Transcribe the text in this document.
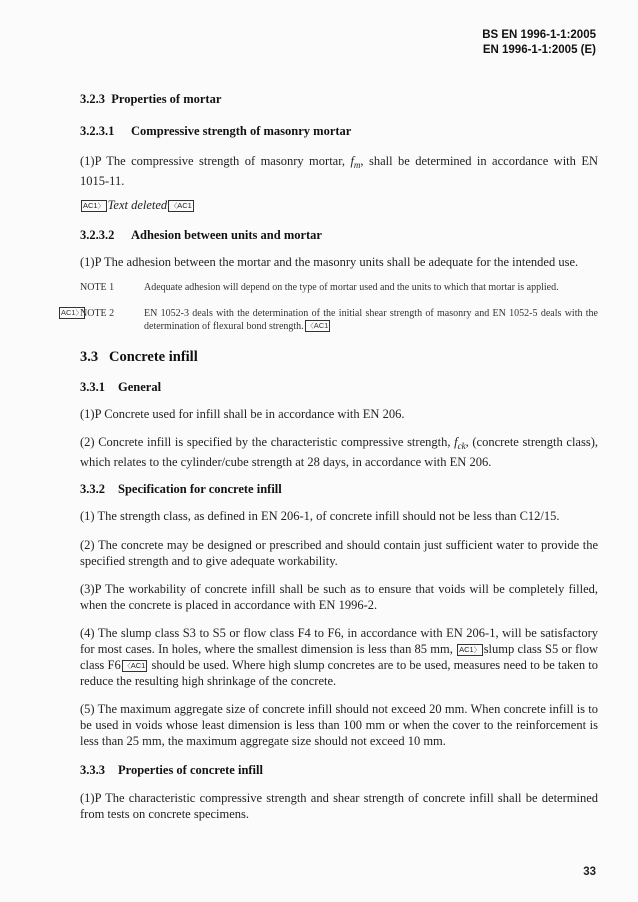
BS EN 1996-1-1:2005
EN 1996-1-1:2005 (E)

3.2.3 Properties of mortar

3.2.3.1 Compressive strength of masonry mortar

(1)P The compressive strength of masonry mortar, $f_m$, shall be determined in accordance with EN 1015-11.

AC1 〉 Text deleted 〈 AC1

3.2.3.2 Adhesion between units and mortar

(1)P The adhesion between the mortar and the masonry units shall be adequate for the intended use.

NOTE 1	Adequate adhesion will depend on the type of mortar used and the units to which that mortar is applied.
AC1 〉 NOTE 2	EN 1052-3 deals with the determination of the initial shear strength of masonry and EN 1052-5 deals with the determination of flexural bond strength. 〈 AC1

3.3 Concrete infill

3.3.1 General

(1)P Concrete used for infill shall be in accordance with EN 206.

(2) Concrete infill is specified by the characteristic compressive strength, $f_{ck}$, (concrete strength class), which relates to the cylinder/cube strength at 28 days, in accordance with EN 206.

3.3.2 Specification for concrete infill

(1) The strength class, as defined in EN 206-1, of concrete infill should not be less than C12/15.

(2) The concrete may be designed or prescribed and should contain just sufficient water to provide the specified strength and to give adequate workability.

(3)P The workability of concrete infill shall be such as to ensure that voids will be completely filled, when the concrete is placed in accordance with EN 1996-2.

(4) The slump class S3 to S5 or flow class F4 to F6, in accordance with EN 206-1, will be satisfactory for most cases. In holes, where the smallest dimension is less than 85 mm, AC1 〉 slump class S5 or flow class F6 〈 AC1 should be used. Where high slump concretes are to be used, measures need to be taken to reduce the resulting high shrinkage of the concrete.

(5) The maximum aggregate size of concrete infill should not exceed 20 mm. When concrete infill is to be used in voids whose least dimension is less than 100 mm or when the cover to the reinforcement is less than 25 mm, the maximum aggregate size should not exceed 10 mm.

3.3.3 Properties of concrete infill

(1)P The characteristic compressive strength and shear strength of concrete infill shall be determined from tests on concrete specimens.

33
